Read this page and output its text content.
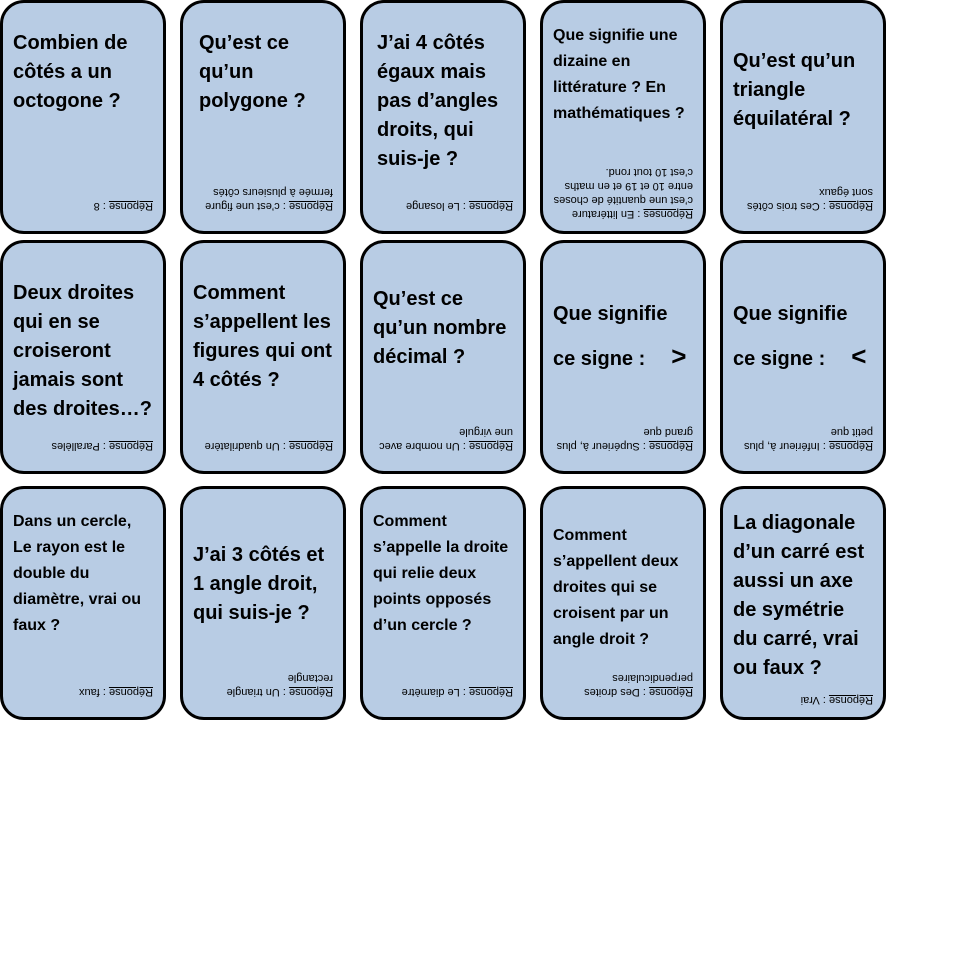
Combien de côtés a un octogone ?
Réponse : 8
Qu’est ce qu’un polygone ?
Réponse : c’est une figure fermée à plusieurs côtés
J’ai 4 côtés égaux mais pas d’angles droits, qui suis-je ?
Réponse : Le losange
Que signifie une dizaine en littérature ? En mathématiques ?
Réponses : En littérature c’est une quantité de choses entre 10 et 19 et en maths c’est 10 tout rond.
Qu’est qu’un triangle équilatéral ?
Réponse : Ces trois côtés sont égaux
Deux droites qui en se croiseront jamais sont des droites…?
Réponse : Parallèles
Comment s’appellent les figures qui ont 4 côtés ?
Réponse : Un quadrilatère
Qu’est ce qu’un nombre décimal ?
Réponse : Un nombre avec une virgule
Que signifie ce signe : >
Réponse : Supérieur à, plus grand que
Que signifie ce signe : <
Réponse : Inférieur à, plus petit que
Dans un cercle, Le rayon est le double du diamètre, vrai ou faux ?
Réponse : faux
J’ai 3 côtés et 1 angle droit, qui suis-je ?
Réponse : Un triangle rectangle
Comment s’appelle la droite qui relie deux points opposés d’un cercle ?
Réponse : Le diamètre
Comment s’appellent deux droites qui se croisent par un angle droit ?
Réponse : Des droites perpendiculaires
La diagonale d’un carré est aussi un axe de symétrie du carré, vrai ou faux ?
Réponse : Vrai
